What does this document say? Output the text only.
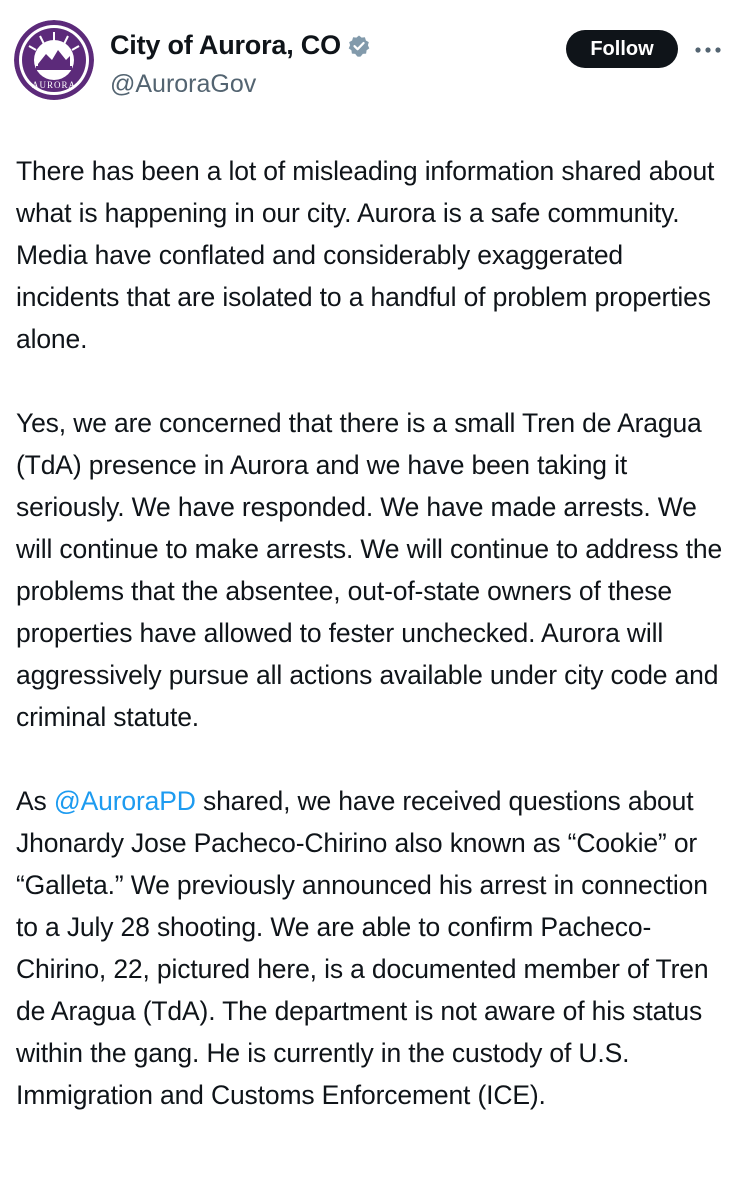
AURORA
City of Aurora, CO
@AuroraGov
Follow

There has been a lot of misleading information shared about what is happening in our city. Aurora is a safe community. Media have conflated and considerably exaggerated incidents that are isolated to a handful of problem properties alone.

Yes, we are concerned that there is a small Tren de Aragua (TdA) presence in Aurora and we have been taking it seriously. We have responded. We have made arrests. We will continue to make arrests. We will continue to address the problems that the absentee, out-of-state owners of these properties have allowed to fester unchecked. Aurora will aggressively pursue all actions available under city code and criminal statute.

As @AuroraPD shared, we have received questions about Jhonardy Jose Pacheco-Chirino also known as “Cookie” or “Galleta.” We previously announced his arrest in connection to a July 28 shooting. We are able to confirm Pacheco-Chirino, 22, pictured here, is a documented member of Tren de Aragua (TdA). The department is not aware of his status within the gang. He is currently in the custody of U.S. Immigration and Customs Enforcement (ICE).
